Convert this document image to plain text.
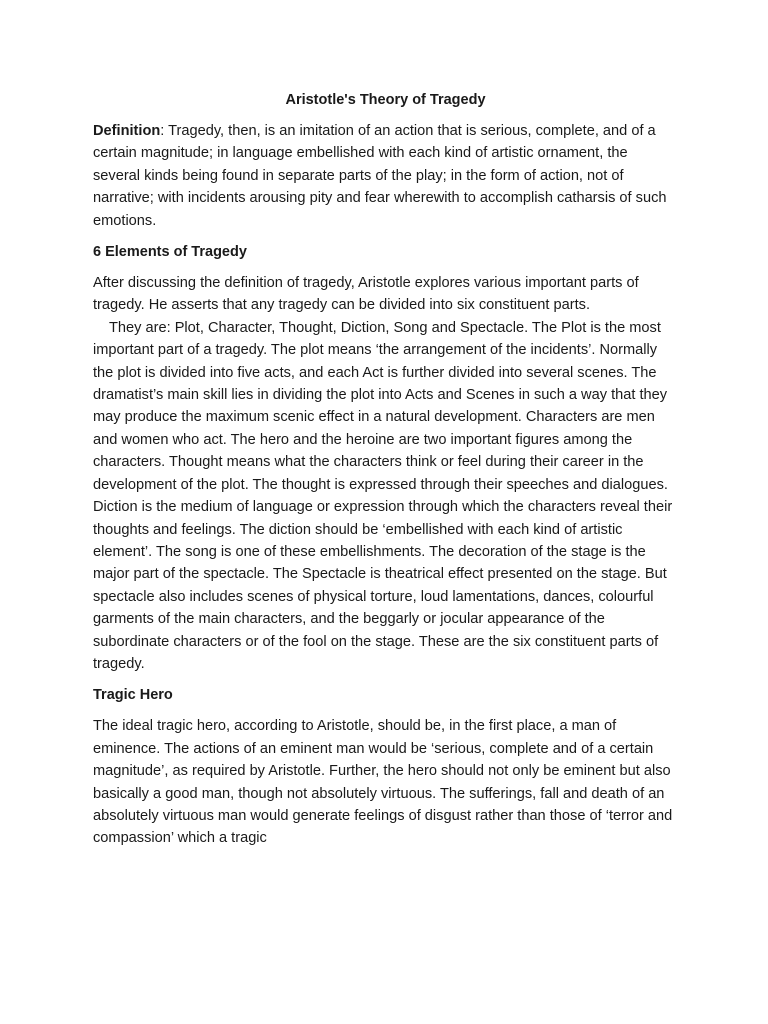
Aristotle's Theory of Tragedy

Definition: Tragedy, then, is an imitation of an action that is serious, complete, and of a certain magnitude; in language embellished with each kind of artistic ornament, the several kinds being found in separate parts of the play; in the form of action, not of narrative; with incidents arousing pity and fear wherewith to accomplish catharsis of such emotions.

6 Elements of Tragedy

After discussing the definition of tragedy, Aristotle explores various important parts of tragedy. He asserts that any tragedy can be divided into six constituent parts.

They are: Plot, Character, Thought, Diction, Song and Spectacle. The Plot is the most important part of a tragedy. The plot means ‘the arrangement of the incidents’. Normally the plot is divided into five acts, and each Act is further divided into several scenes. The dramatist’s main skill lies in dividing the plot into Acts and Scenes in such a way that they may produce the maximum scenic effect in a natural development. Characters are men and women who act. The hero and the heroine are two important figures among the characters. Thought means what the characters think or feel during their career in the development of the plot. The thought is expressed through their speeches and dialogues. Diction is the medium of language or expression through which the characters reveal their thoughts and feelings. The diction should be ‘embellished with each kind of artistic element’. The song is one of these embellishments. The decoration of the stage is the major part of the spectacle. The Spectacle is theatrical effect presented on the stage. But spectacle also includes scenes of physical torture, loud lamentations, dances, colourful garments of the main characters, and the beggarly or jocular appearance of the subordinate characters or of the fool on the stage. These are the six constituent parts of tragedy.

Tragic Hero

The ideal tragic hero, according to Aristotle, should be, in the first place, a man of eminence. The actions of an eminent man would be ‘serious, complete and of a certain magnitude’, as required by Aristotle. Further, the hero should not only be eminent but also basically a good man, though not absolutely virtuous. The sufferings, fall and death of an absolutely virtuous man would generate feelings of disgust rather than those of ‘terror and compassion’ which a tragic
